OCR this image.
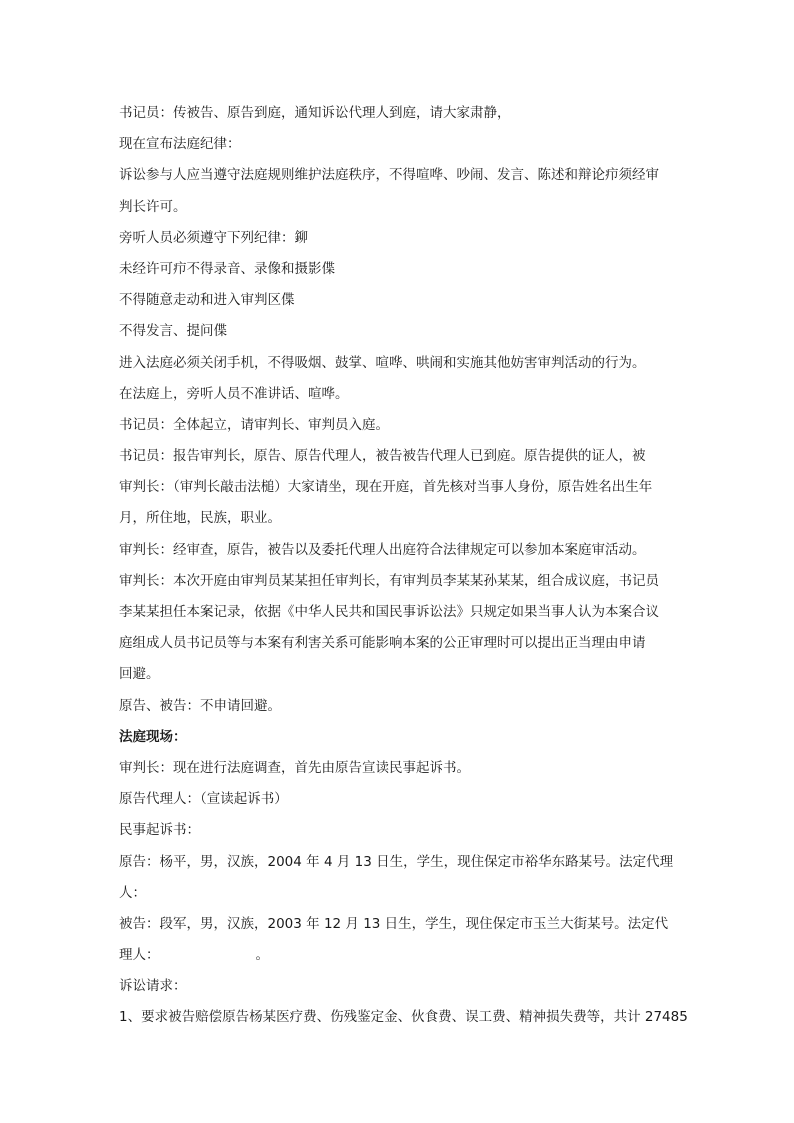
书记员：传被告、原告到庭，通知诉讼代理人到庭，请大家肃静，
现在宣布法庭纪律：
诉讼参与人应当遵守法庭规则维护法庭秩序，不得喧哗、吵闹、发言、陈述和辩论疖须经审
判长许可。
旁听人员必须遵守下列纪律：鉚
未经许可疖不得录音、录像和摄影偞
不得随意走动和进入审判区偞
不得发言、提问偞
进入法庭必须关闭手机，不得吸烟、鼓掌、喧哗、哄闹和实施其他妨害审判活动的行为。
在法庭上，旁听人员不准讲话、喧哗。
书记员：全体起立，请审判长、审判员入庭。
书记员：报告审判长，原告、原告代理人，被告被告代理人已到庭。原告提供的证人，被
审判长：（审判长敲击法槌）大家请坐，现在开庭，首先核对当事人身份，原告姓名出生年
月，所住地，民族，职业。
审判长：经审查，原告，被告以及委托代理人出庭符合法律规定可以参加本案庭审活动。
审判长：本次开庭由审判员某某担任审判长，有审判员李某某孙某某，组合成议庭，书记员
李某某担任本案记录，依据《中华人民共和国民事诉讼法》只规定如果当事人认为本案合议
庭组成人员书记员等与本案有利害关系可能影响本案的公正审理时可以提出正当理由申请
回避。
原告、被告：不申请回避。
法庭现场：
审判长：现在进行法庭调查，首先由原告宣读民事起诉书。
原告代理人：（宣读起诉书）
民事起诉书：
原告：杨平，男，汉族，2004 年 4 月 13 日生，学生，现住保定市裕华东路某号。法定代理
人：
被告：段军，男，汉族，2003 年 12 月 13 日生，学生，现住保定市玉兰大街某号。法定代
理人：	。
诉讼请求：
1、要求被告赔偿原告杨某医疗费、伤残鉴定金、伙食费、误工费、精神损失费等，共计 27485
